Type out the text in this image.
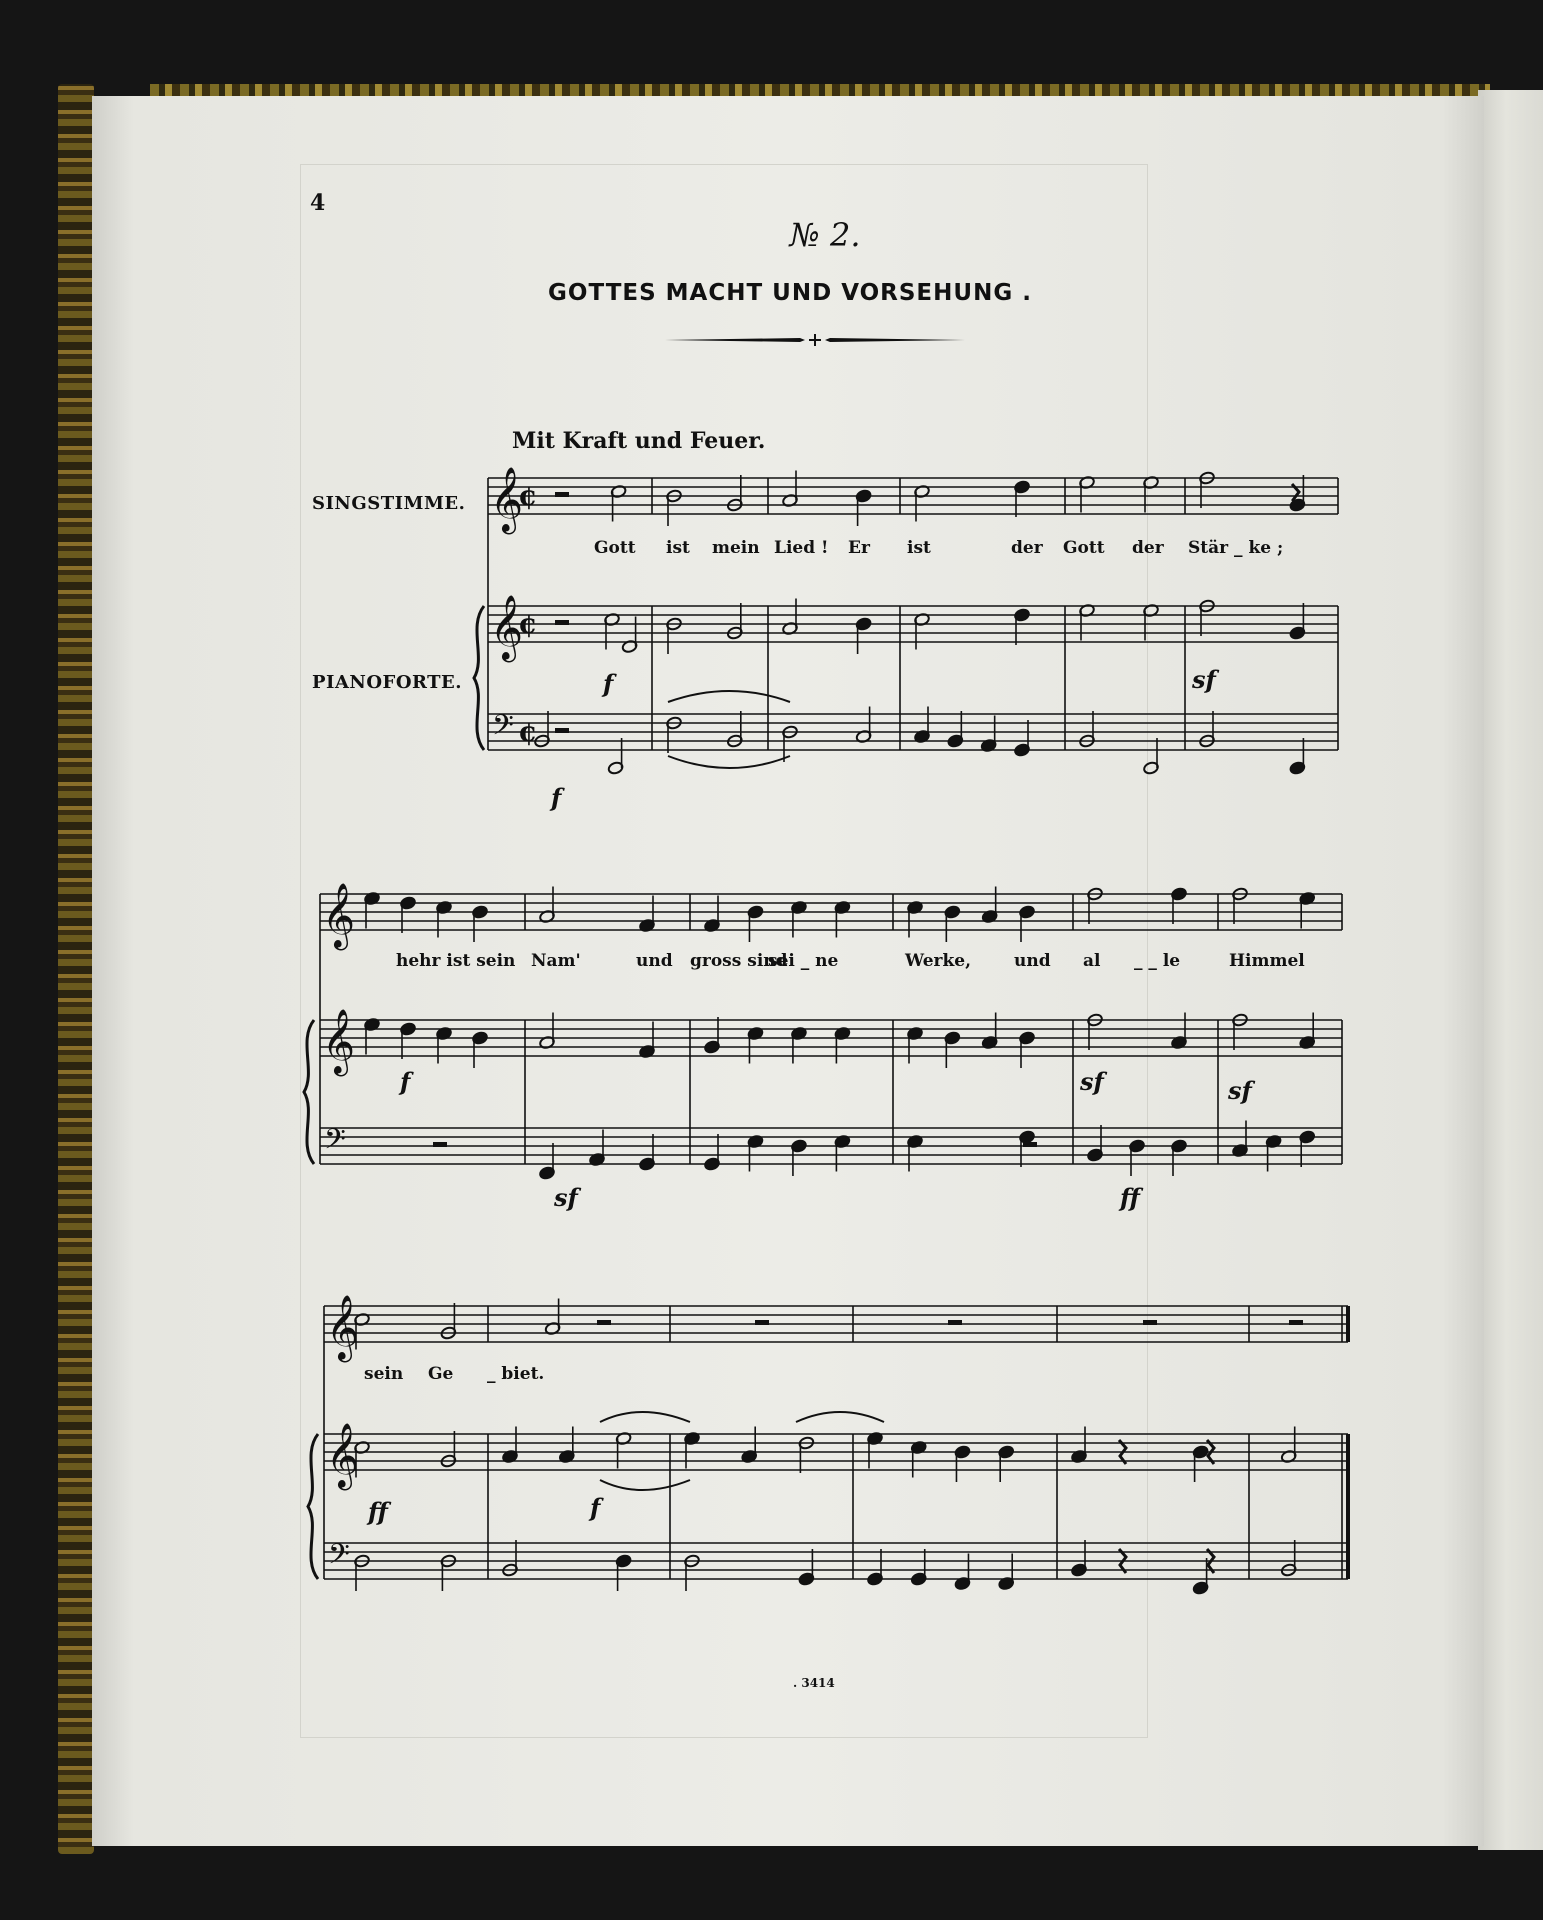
4
№ 2.
GOTTES MACHT UND VORSEHUNG .
Mit Kraft und Feuer.
SINGSTIMME.
PIANOFORTE.
. 3414
𝄞
𝄞
𝄢
¢
¢
¢
Gott ist mein Lied ! Er ist	der Gott der Stär _ ke ;
f	sf
f
𝄞
𝄞
𝄢
hehr ist sein Nam'	und gross sind
sei _ ne	Werke,	und al _ _ le	Himmel
f	sf	sf
sf	ff
𝄞
𝄞
𝄢
sein Ge _ biet.
ff	f
